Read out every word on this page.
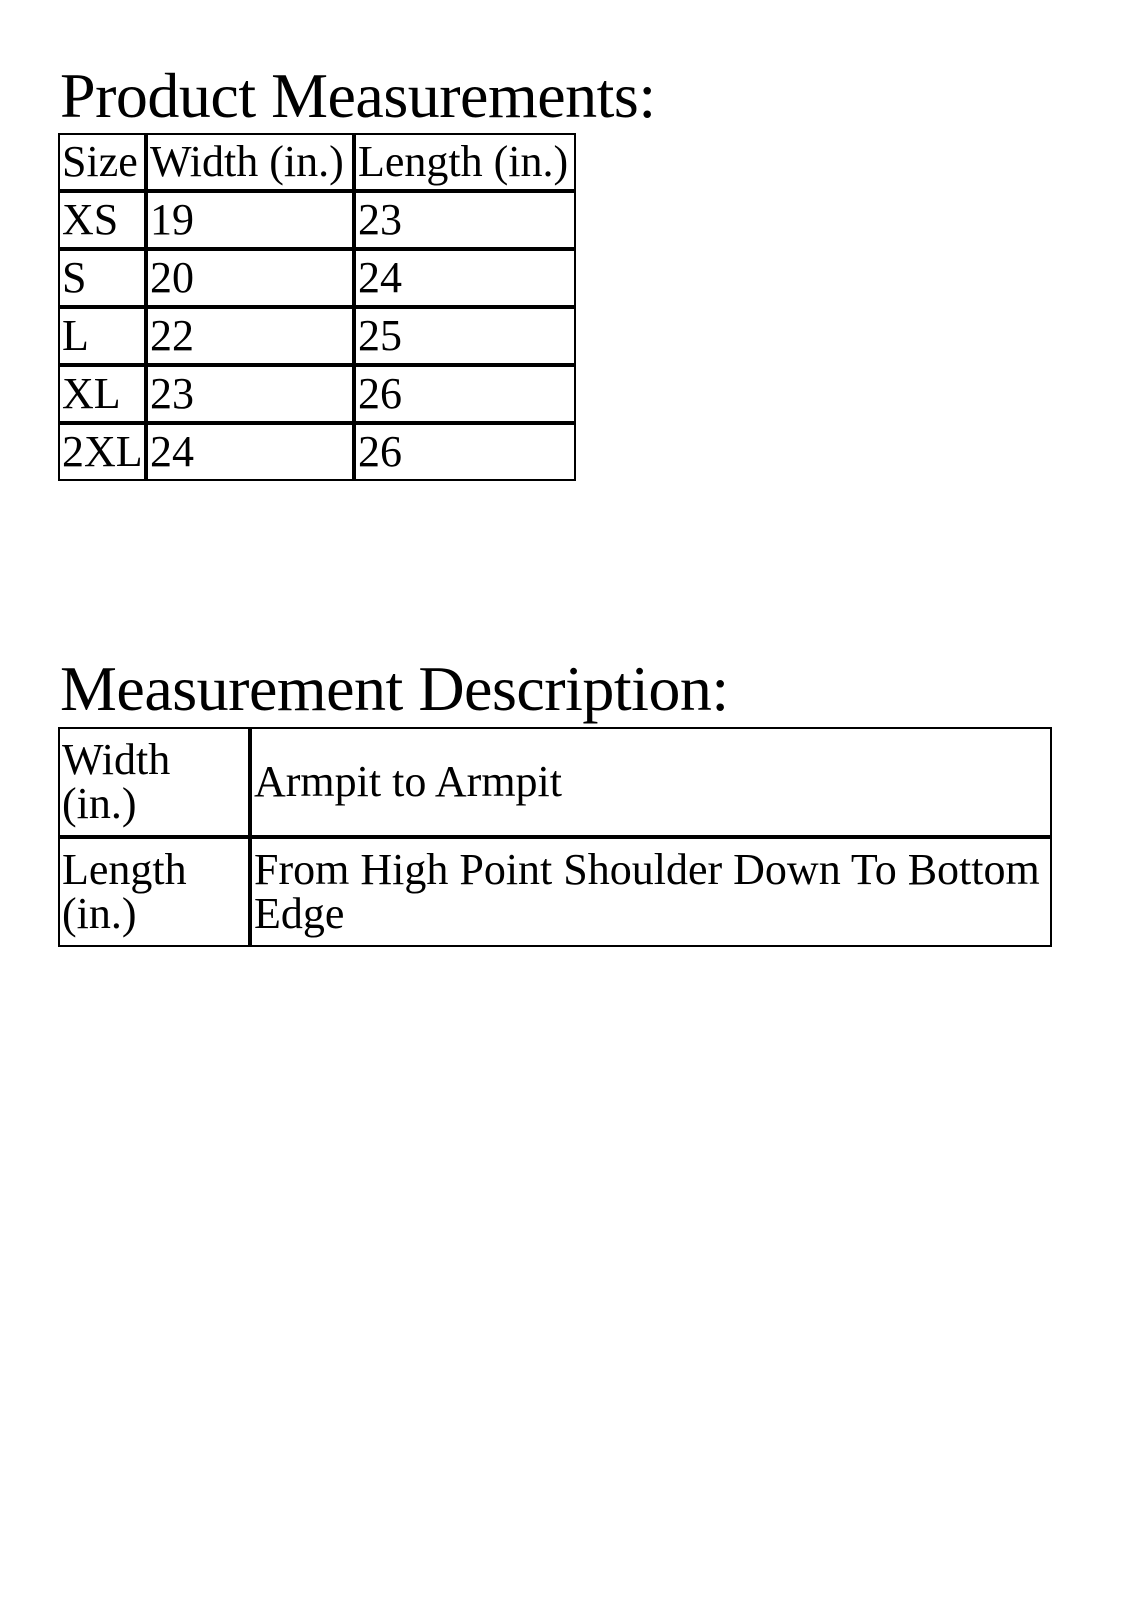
Product Measurements:
Size	Width (in.)	Length (in.)
XS	19	23
S	20	24
L	22	25
XL	23	26
2XL	24	26
Measurement Description:
Width (in.)	Armpit to Armpit
Length (in.)	From High Point Shoulder Down To Bottom Edge
